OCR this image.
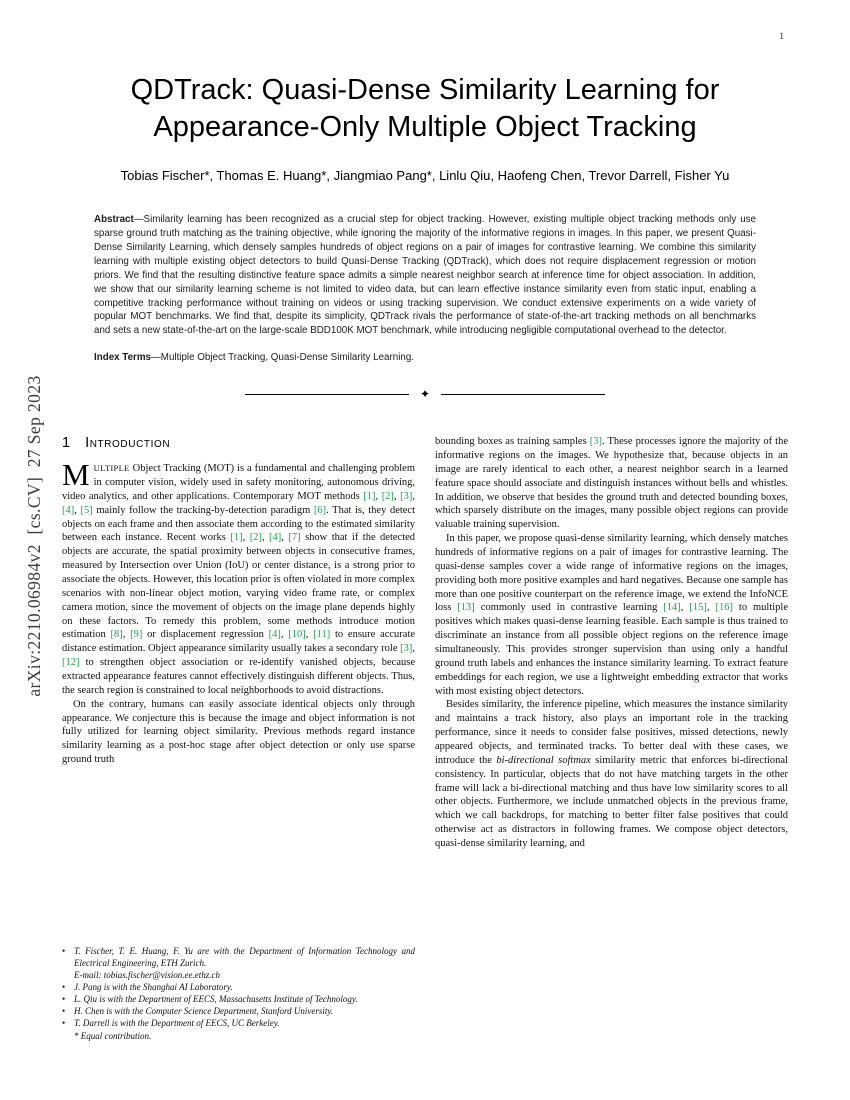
1
arXiv:2210.06984v2  [cs.CV]  27 Sep 2023
QDTrack: Quasi-Dense Similarity Learning for
Appearance-Only Multiple Object Tracking
Tobias Fischer*, Thomas E. Huang*, Jiangmiao Pang*, Linlu Qiu, Haofeng Chen, Trevor Darrell, Fisher Yu
Abstract—Similarity learning has been recognized as a crucial step for object tracking. However, existing multiple object tracking methods only use sparse ground truth matching as the training objective, while ignoring the majority of the informative regions in images. In this paper, we present Quasi-Dense Similarity Learning, which densely samples hundreds of object regions on a pair of images for contrastive learning. We combine this similarity learning with multiple existing object detectors to build Quasi-Dense Tracking (QDTrack), which does not require displacement regression or motion priors. We find that the resulting distinctive feature space admits a simple nearest neighbor search at inference time for object association. In addition, we show that our similarity learning scheme is not limited to video data, but can learn effective instance similarity even from static input, enabling a competitive tracking performance without training on videos or using tracking supervision. We conduct extensive experiments on a wide variety of popular MOT benchmarks. We find that, despite its simplicity, QDTrack rivals the performance of state-of-the-art tracking methods on all benchmarks and sets a new state-of-the-art on the large-scale BDD100K MOT benchmark, while introducing negligible computational overhead to the detector.
Index Terms—Multiple Object Tracking, Quasi-Dense Similarity Learning.
✦
1 Introduction

MULTIPLE Object Tracking (MOT) is a fundamental and challenging problem in computer vision, widely used in safety monitoring, autonomous driving, video analytics, and other applications. Contemporary MOT methods [1], [2], [3], [4], [5] mainly follow the tracking-by-detection paradigm [6]. That is, they detect objects on each frame and then associate them according to the estimated similarity between each instance. Recent works [1], [2], [4], [7] show that if the detected objects are accurate, the spatial proximity between objects in consecutive frames, measured by Intersection over Union (IoU) or center distance, is a strong prior to associate the objects. However, this location prior is often violated in more complex scenarios with non-linear object motion, varying video frame rate, or complex camera motion, since the movement of objects on the image plane depends highly on these factors. To remedy this problem, some methods introduce motion estimation [8], [9] or displacement regression [4], [10], [11] to ensure accurate distance estimation. Object appearance similarity usually takes a secondary role [3], [12] to strengthen object association or re-identify vanished objects, because extracted appearance features cannot effectively distinguish different objects. Thus, the search region is constrained to local neighborhoods to avoid distractions.

On the contrary, humans can easily associate identical objects only through appearance. We conjecture this is because the image and object information is not fully utilized for learning object similarity. Previous methods regard instance similarity learning as a post-hoc stage after object detection or only use sparse ground truth

• T. Fischer, T. E. Huang, F. Yu are with the Department of Information Technology and Electrical Engineering, ETH Zurich.
E-mail: tobias.fischer@vision.ee.ethz.ch
• J. Pang is with the Shanghai AI Laboratory.
• L. Qiu is with the Department of EECS, Massachusetts Institute of Technology.
• H. Chen is with the Computer Science Department, Stanford University.
• T. Darrell is with the Department of EECS, UC Berkeley.
* Equal contribution.

bounding boxes as training samples [3]. These processes ignore the majority of the informative regions on the images. We hypothesize that, because objects in an image are rarely identical to each other, a nearest neighbor search in a learned feature space should associate and distinguish instances without bells and whistles. In addition, we observe that besides the ground truth and detected bounding boxes, which sparsely distribute on the images, many possible object regions can provide valuable training supervision.

In this paper, we propose quasi-dense similarity learning, which densely matches hundreds of informative regions on a pair of images for contrastive learning. The quasi-dense samples cover a wide range of informative regions on the images, providing both more positive examples and hard negatives. Because one sample has more than one positive counterpart on the reference image, we extend the InfoNCE loss [13] commonly used in contrastive learning [14], [15], [16] to multiple positives which makes quasi-dense learning feasible. Each sample is thus trained to discriminate an instance from all possible object regions on the reference image simultaneously. This provides stronger supervision than using only a handful ground truth labels and enhances the instance similarity learning. To extract feature embeddings for each region, we use a lightweight embedding extractor that works with most existing object detectors.

Besides similarity, the inference pipeline, which measures the instance similarity and maintains a track history, also plays an important role in the tracking performance, since it needs to consider false positives, missed detections, newly appeared objects, and terminated tracks. To better deal with these cases, we introduce the bi-directional softmax similarity metric that enforces bi-directional consistency. In particular, objects that do not have matching targets in the other frame will lack a bi-directional matching and thus have low similarity scores to all other objects. Furthermore, we include unmatched objects in the previous frame, which we call backdrops, for matching to better filter false positives that could otherwise act as distractors in following frames. We compose object detectors, quasi-dense similarity learning, and
